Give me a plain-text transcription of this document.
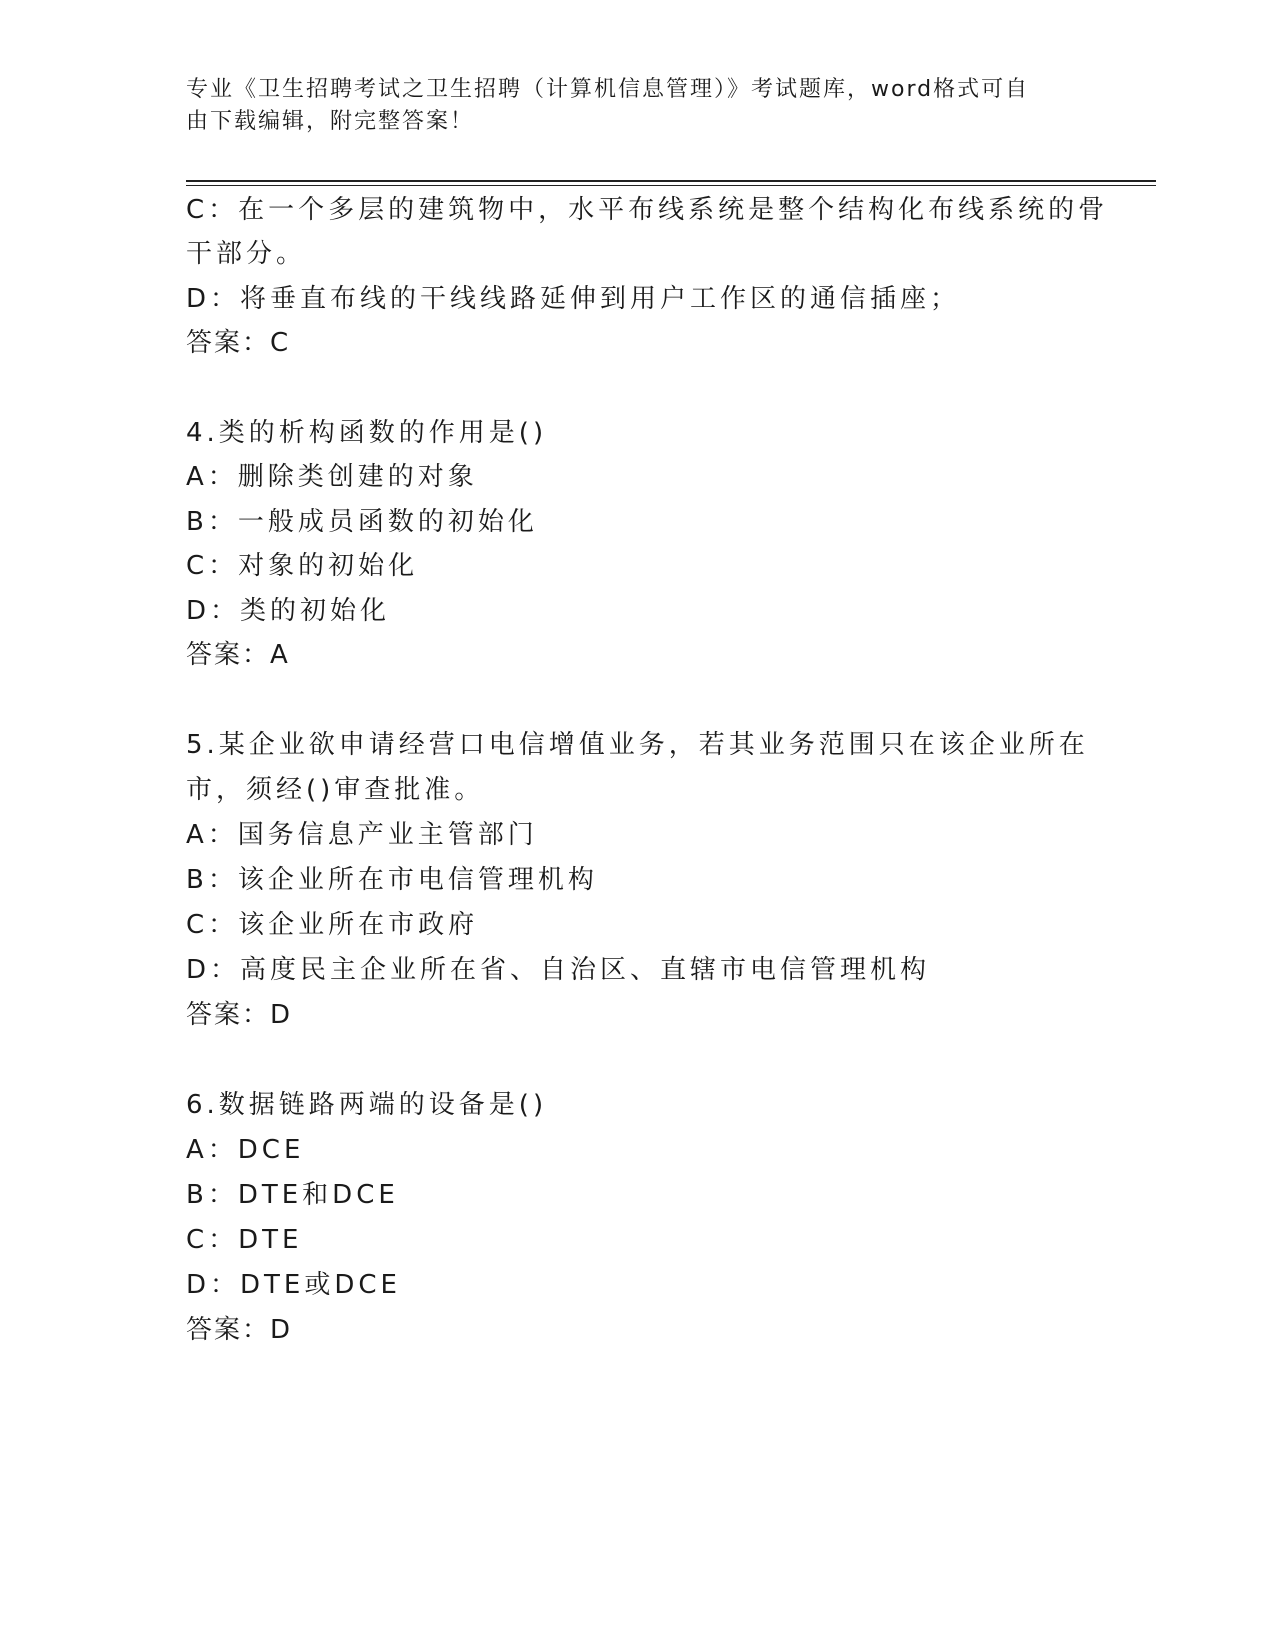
专业《卫生招聘考试之卫生招聘（计算机信息管理）》考试题库，word格式可自
由下载编辑，附完整答案！
C：在一个多层的建筑物中，水平布线系统是整个结构化布线系统的骨
干部分。
D：将垂直布线的干线线路延伸到用户工作区的通信插座；
答案：C
4.类的析构函数的作用是()
A：删除类创建的对象
B：一般成员函数的初始化
C：对象的初始化
D：类的初始化
答案：A
5.某企业欲申请经营口电信增值业务，若其业务范围只在该企业所在
市，须经()审查批准。
A：国务信息产业主管部门
B：该企业所在市电信管理机构
C：该企业所在市政府
D：高度民主企业所在省、自治区、直辖市电信管理机构
答案：D
6.数据链路两端的设备是()
A：DCE
B：DTE和DCE
C：DTE
D：DTE或DCE
答案：D
